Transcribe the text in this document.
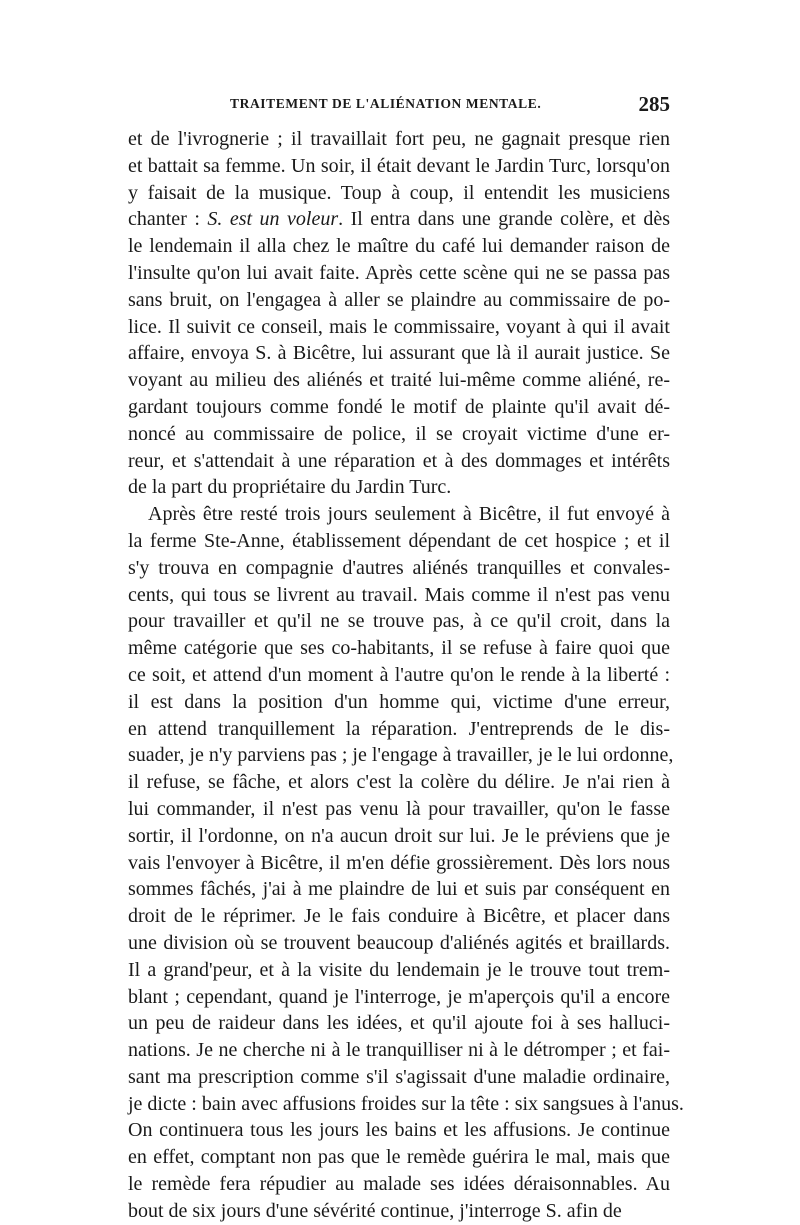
TRAITEMENT DE L'ALIÉNATION MENTALE.	285

et de l'ivrognerie ; il travaillait fort peu, ne gagnait presque rien
et battait sa femme. Un soir, il était devant le Jardin Turc, lorsqu'on
y faisait de la musique. Toup à coup, il entendit les musiciens
chanter : S. est un voleur. Il entra dans une grande colère, et dès
le lendemain il alla chez le maître du café lui demander raison de
l'insulte qu'on lui avait faite. Après cette scène qui ne se passa pas
sans bruit, on l'engagea à aller se plaindre au commissaire de po-
lice. Il suivit ce conseil, mais le commissaire, voyant à qui il avait
affaire, envoya S. à Bicêtre, lui assurant que là il aurait justice. Se
voyant au milieu des aliénés et traité lui-même comme aliéné, re-
gardant toujours comme fondé le motif de plainte qu'il avait dé-
noncé au commissaire de police, il se croyait victime d'une er-
reur, et s'attendait à une réparation et à des dommages et intérêts
de la part du propriétaire du Jardin Turc.

Après être resté trois jours seulement à Bicêtre, il fut envoyé à
la ferme Ste-Anne, établissement dépendant de cet hospice ; et il
s'y trouva en compagnie d'autres aliénés tranquilles et convales-
cents, qui tous se livrent au travail. Mais comme il n'est pas venu
pour travailler et qu'il ne se trouve pas, à ce qu'il croit, dans la
même catégorie que ses co-habitants, il se refuse à faire quoi que
ce soit, et attend d'un moment à l'autre qu'on le rende à la liberté :
il est dans la position d'un homme qui, victime d'une erreur,
en attend tranquillement la réparation. J'entreprends de le dis-
suader, je n'y parviens pas ; je l'engage à travailler, je le lui ordonne,
il refuse, se fâche, et alors c'est la colère du délire. Je n'ai rien à
lui commander, il n'est pas venu là pour travailler, qu'on le fasse
sortir, il l'ordonne, on n'a aucun droit sur lui. Je le préviens que je
vais l'envoyer à Bicêtre, il m'en défie grossièrement. Dès lors nous
sommes fâchés, j'ai à me plaindre de lui et suis par conséquent en
droit de le réprimer. Je le fais conduire à Bicêtre, et placer dans
une division où se trouvent beaucoup d'aliénés agités et braillards.
Il a grand'peur, et à la visite du lendemain je le trouve tout trem-
blant ; cependant, quand je l'interroge, je m'aperçois qu'il a encore
un peu de raideur dans les idées, et qu'il ajoute foi à ses halluci-
nations. Je ne cherche ni à le tranquilliser ni à le détromper ; et fai-
sant ma prescription comme s'il s'agissait d'une maladie ordinaire,
je dicte : bain avec affusions froides sur la tête : six sangsues à l'anus.
On continuera tous les jours les bains et les affusions. Je continue
en effet, comptant non pas que le remède guérira le mal, mais que
le remède fera répudier au malade ses idées déraisonnables. Au
bout de six jours d'une sévérité continue, j'interroge S. afin de
